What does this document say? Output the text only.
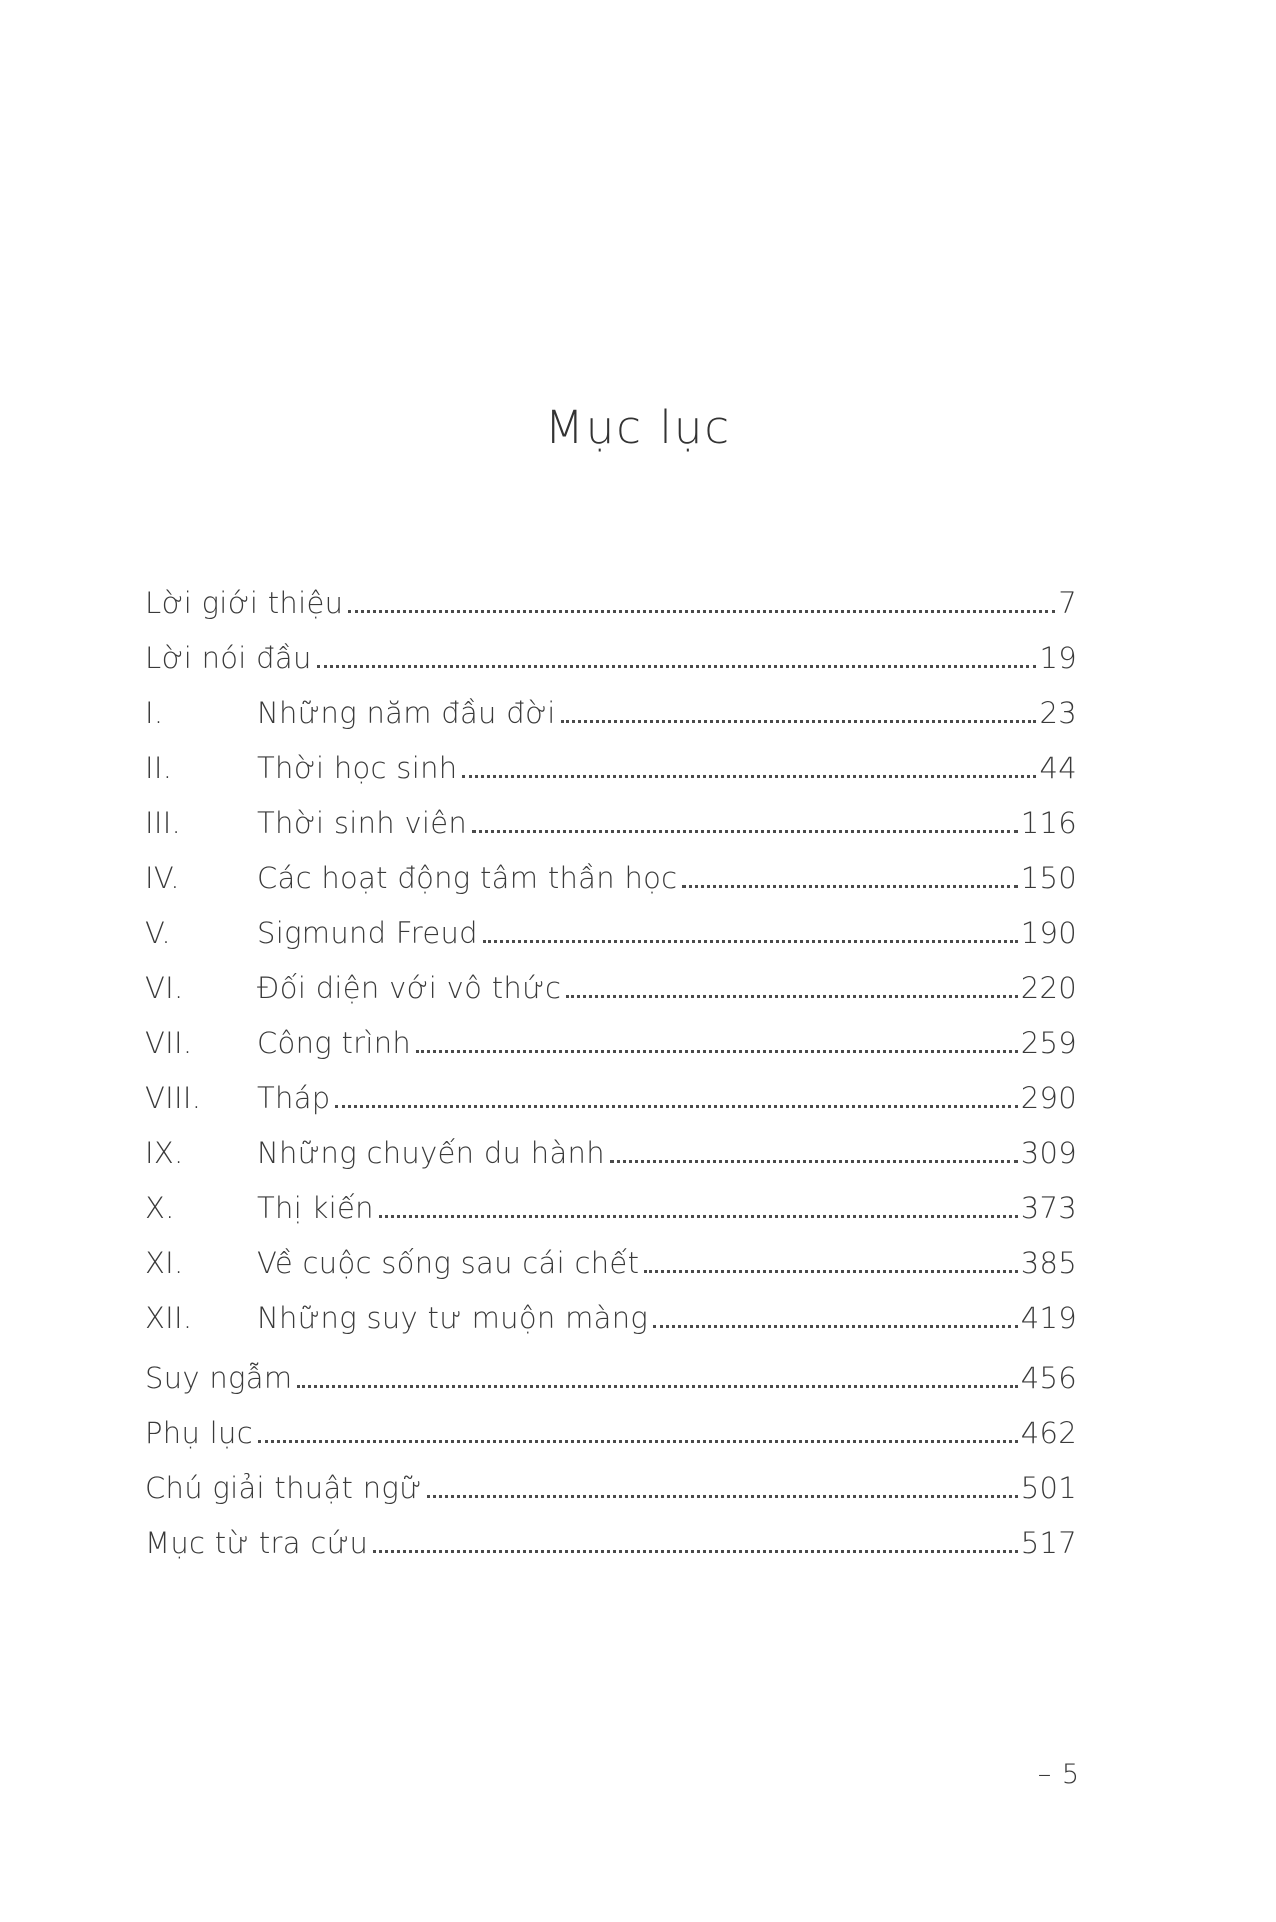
Mục lục
Lời giới thiệu	7
Lời nói đầu	19
I.	Những năm đầu đời	23
II.	Thời học sinh	44
III.	Thời sinh viên	116
IV.	Các hoạt động tâm thần học	150
V.	Sigmund Freud	190
VI.	Đối diện với vô thức	220
VII.	Công trình	259
VIII.	Tháp	290
IX.	Những chuyến du hành	309
X.	Thị kiến	373
XI.	Về cuộc sống sau cái chết	385
XII.	Những suy tư muộn màng	419
Suy ngẫm	456
Phụ lục	462
Chú giải thuật ngữ	501
Mục từ tra cứu	517
– 5
